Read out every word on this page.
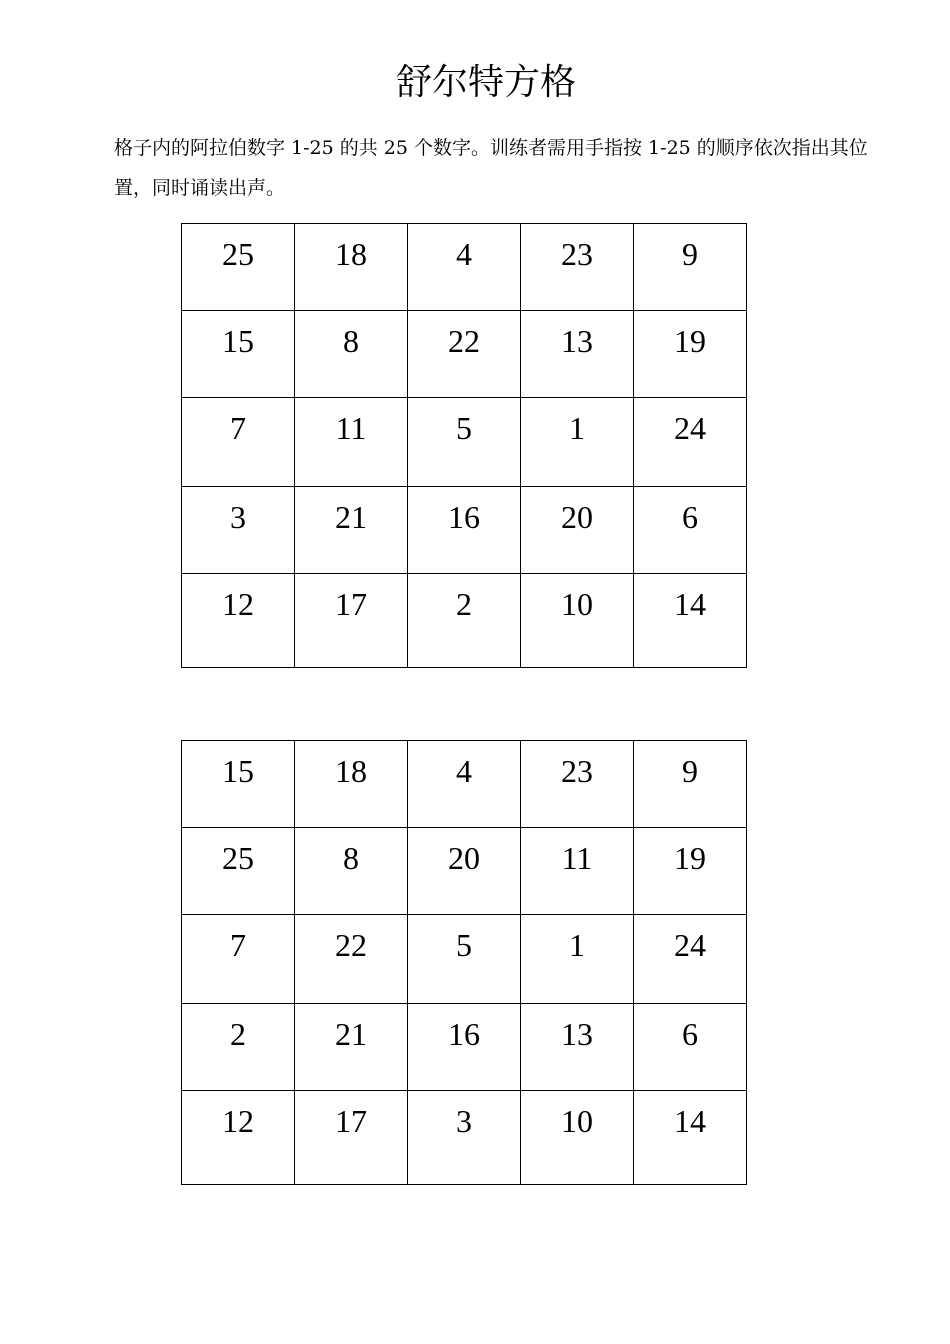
舒尔特方格

格子内的阿拉伯数字 1-25 的共 25 个数字。训练者需用手指按 1-25 的顺序依次指出其位置，同时诵读出声。

25	18	4	23	9
15	8	22	13	19
7	11	5	1	24
3	21	16	20	6
12	17	2	10	14
15	18	4	23	9
25	8	20	11	19
7	22	5	1	24
2	21	16	13	6
12	17	3	10	14
